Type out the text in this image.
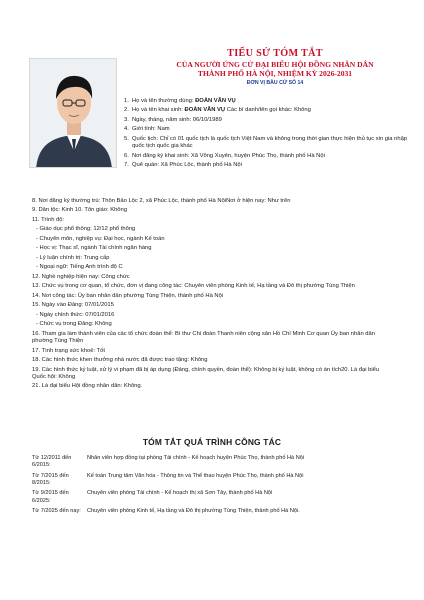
TIỂU SỬ TÓM TẮT
CỦA NGƯỜI ỨNG CỬ ĐẠI BIỂU HỘI ĐỒNG NHÂN DÂN
THÀNH PHỐ HÀ NỘI, NHIỆM KỲ 2026-2031
ĐƠN VỊ BẦU CỬ SỐ 14
1. Họ và tên thường dùng: ĐOÀN VĂN VỤ
2. Họ và tên khai sinh: ĐOÀN VĂN VỤ Các bí danh/tên gọi khác: Không
3. Ngày, tháng, năm sinh: 06/10/1989
4. Giới tính: Nam
5. Quốc tịch: Chỉ có 01 quốc tịch là quốc tịch Việt Nam và không trong thời gian thực hiện thủ tục xin gia nhập quốc tịch quốc gia khác
6. Nơi đăng ký khai sinh: Xã Võng Xuyên, huyện Phúc Thọ, thành phố Hà Nội
7. Quê quán: Xã Phúc Lộc, thành phố Hà Nội
8. Nơi đăng ký thường trú: Thôn Bảo Lộc 2, xã Phúc Lộc, thành phố Hà NộiNơi ở hiện nay: Như trên
9. Dân tộc: Kinh 10. Tôn giáo: Không
11. Trình độ:
- Giáo dục phổ thông: 12/12 phổ thông
- Chuyên môn, nghiệp vụ: Đại học, ngành Kế toán
- Học vị: Thạc sĩ, ngành Tài chính ngân hàng
- Lý luận chính trị: Trung cấp
- Ngoại ngữ: Tiếng Anh trình độ C
12. Nghề nghiệp hiện nay: Công chức
13. Chức vụ trong cơ quan, tổ chức, đơn vị đang công tác: Chuyên viên phòng Kinh tế, Hạ tầng và Đô thị phường Tùng Thiện
14. Nơi công tác: Ủy ban nhân dân phường Tùng Thiện, thành phố Hà Nội
15. Ngày vào Đảng: 07/01/2015
- Ngày chính thức: 07/01/2016
- Chức vụ trong Đảng: Không
16. Tham gia làm thành viên của các tổ chức đoàn thể: Bí thư Chi đoàn Thanh niên cộng sản Hồ Chí Minh Cơ quan Ủy ban nhân dân phường Tùng Thiện
17. Tình trạng sức khoẻ: Tốt
18. Các hình thức khen thưởng nhà nước đã được trao tặng: Không
19. Các hình thức kỷ luật, xử lý vi phạm đã bị áp dụng (Đảng, chính quyền, đoàn thể): Không bị kỷ luật, không có án tích20. Là đại biểu Quốc hội: Không
21. Là đại biểu Hội đồng nhân dân: Không.
TÓM TẮT QUÁ TRÌNH CÔNG TÁC
Từ 12/2011 đến 6/2015:
Nhân viên hợp đồng tại phòng Tài chính - Kế hoạch huyện Phúc Thọ, thành phố Hà Nội
Từ 7/2015 đến 8/2015:
Kế toán Trung tâm Văn hóa - Thông tin và Thể thao huyện Phúc Thọ, thành phố Hà Nội
Từ 9/2015 đến 6/2025:
Chuyên viên phòng Tài chính - Kế hoạch thị xã Sơn Tây, thành phố Hà Nội
Từ 7/2025 đến nay:	Chuyên viên phòng Kinh tế, Hạ tầng và Đô thị phường Tùng Thiện, thành phố Hà Nội.
